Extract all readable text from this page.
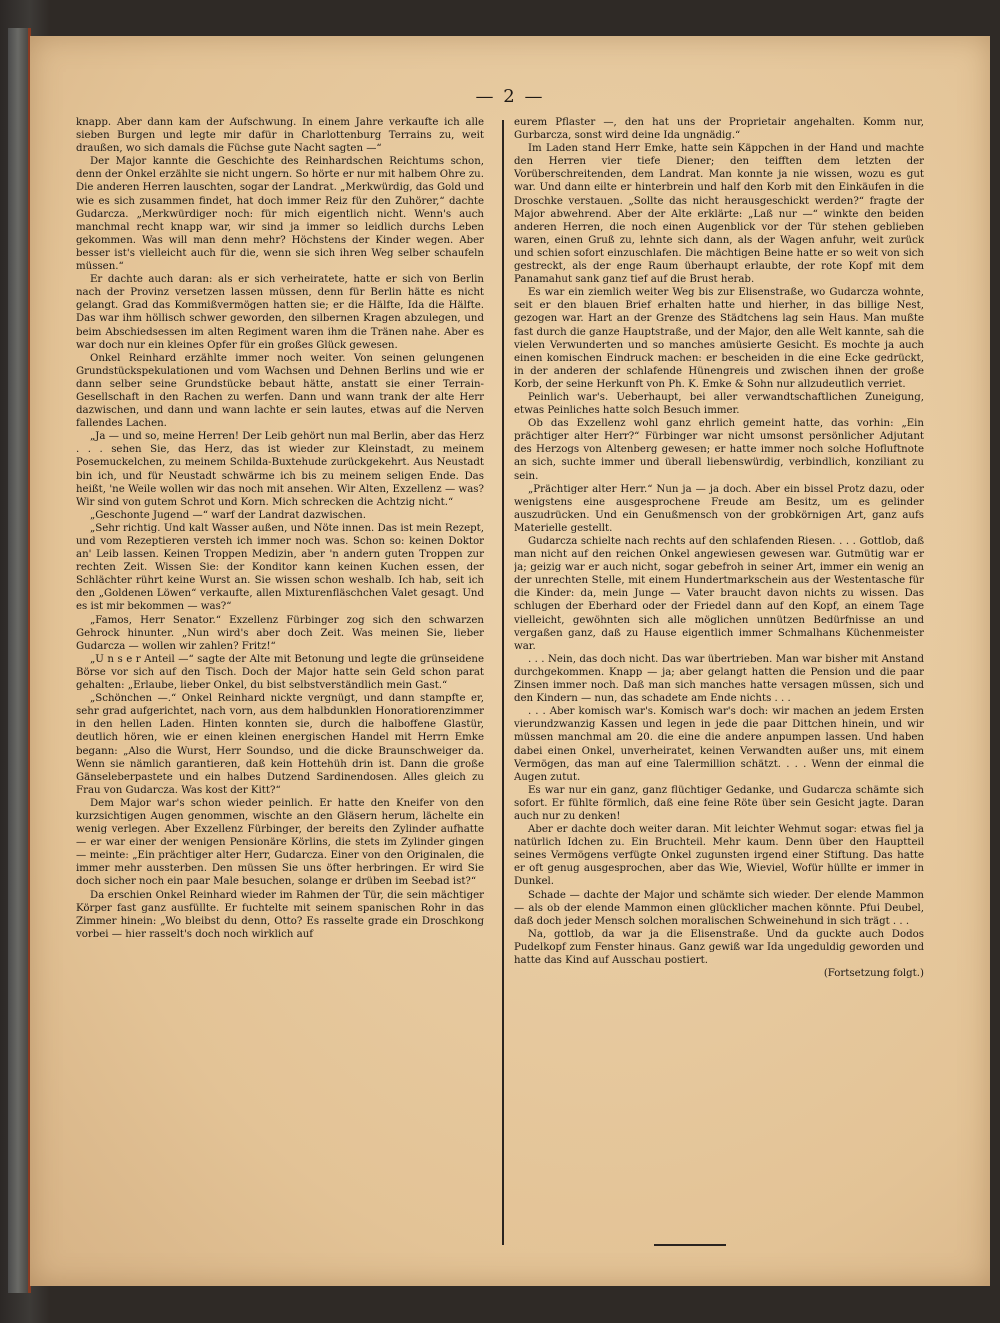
— 2 —

knapp. Aber dann kam der Aufschwung. In einem Jahre verkaufte ich alle sieben Burgen und legte mir dafür in Charlottenburg Terrains zu, weit draußen, wo sich damals die Füchse gute Nacht sagten —“

Der Major kannte die Geschichte des Reinhardschen Reichtums schon, denn der Onkel erzählte sie nicht ungern. So hörte er nur mit halbem Ohre zu. Die anderen Herren lauschten, sogar der Landrat. „Merkwürdig, das Gold und wie es sich zusammen findet, hat doch immer Reiz für den Zuhörer,“ dachte Gudarcza. „Merkwürdiger noch: für mich eigentlich nicht. Wenn's auch manchmal recht knapp war, wir sind ja immer so leidlich durchs Leben gekommen. Was will man denn mehr? Höchstens der Kinder wegen. Aber besser ist's vielleicht auch für die, wenn sie sich ihren Weg selber schaufeln müssen.“

Er dachte auch daran: als er sich verheiratete, hatte er sich von Berlin nach der Provinz versetzen lassen müssen, denn für Berlin hätte es nicht gelangt. Grad das Kommißvermögen hatten sie; er die Hälfte, Ida die Hälfte. Das war ihm höllisch schwer geworden, den silbernen Kragen abzulegen, und beim Abschiedsessen im alten Regiment waren ihm die Tränen nahe. Aber es war doch nur ein kleines Opfer für ein großes Glück gewesen.

Onkel Reinhard erzählte immer noch weiter. Von seinen gelungenen Grundstückspekulationen und vom Wachsen und Dehnen Berlins und wie er dann selber seine Grundstücke bebaut hätte, anstatt sie einer Terrain-Gesellschaft in den Rachen zu werfen. Dann und wann trank der alte Herr dazwischen, und dann und wann lachte er sein lautes, etwas auf die Nerven fallendes Lachen.

„Ja — und so, meine Herren! Der Leib gehört nun mal Berlin, aber das Herz . . . sehen Sie, das Herz, das ist wieder zur Kleinstadt, zu meinem Posemuckelchen, zu meinem Schilda-Buxtehude zurückgekehrt. Aus Neustadt bin ich, und für Neustadt schwärme ich bis zu meinem seligen Ende. Das heißt, 'ne Weile wollen wir das noch mit ansehen. Wir Alten, Exzellenz — was? Wir sind von gutem Schrot und Korn. Mich schrecken die Achtzig nicht.“

„Geschonte Jugend —“ warf der Landrat dazwischen.

„Sehr richtig. Und kalt Wasser außen, und Nöte innen. Das ist mein Rezept, und vom Rezeptieren versteh ich immer noch was. Schon so: keinen Doktor an' Leib lassen. Keinen Troppen Medizin, aber 'n andern guten Troppen zur rechten Zeit. Wissen Sie: der Konditor kann keinen Kuchen essen, der Schlächter rührt keine Wurst an. Sie wissen schon weshalb. Ich hab, seit ich den „Goldenen Löwen“ verkaufte, allen Mixturenfläschchen Valet gesagt. Und es ist mir bekommen — was?“

„Famos, Herr Senator.“ Exzellenz Fürbinger zog sich den schwarzen Gehrock hinunter. „Nun wird's aber doch Zeit. Was meinen Sie, lieber Gudarcza — wollen wir zahlen? Fritz!“

„U n s e r Anteil —“ sagte der Alte mit Betonung und legte die grünseidene Börse vor sich auf den Tisch. Doch der Major hatte sein Geld schon parat gehalten: „Erlaube, lieber Onkel, du bist selbstverständlich mein Gast.“

„Schönchen —.“ Onkel Reinhard nickte vergnügt, und dann stampfte er, sehr grad aufgerichtet, nach vorn, aus dem halbdunklen Honoratiorenzimmer in den hellen Laden. Hinten konnten sie, durch die halboffene Glastür, deutlich hören, wie er einen kleinen energischen Handel mit Herrn Emke begann: „Also die Wurst, Herr Soundso, und die dicke Braunschweiger da. Wenn sie nämlich garantieren, daß kein Hottehüh drin ist. Dann die große Gänseleberpastete und ein halbes Dutzend Sardinendosen. Alles gleich zu Frau von Gudarcza. Was kost der Kitt?“

Dem Major war's schon wieder peinlich. Er hatte den Kneifer von den kurzsichtigen Augen genommen, wischte an den Gläsern herum, lächelte ein wenig verlegen. Aber Exzellenz Fürbinger, der bereits den Zylinder aufhatte — er war einer der wenigen Pensionäre Körlins, die stets im Zylinder gingen — meinte: „Ein prächtiger alter Herr, Gudarcza. Einer von den Originalen, die immer mehr aussterben. Den müssen Sie uns öfter herbringen. Er wird Sie doch sicher noch ein paar Male besuchen, solange er drüben im Seebad ist?“

Da erschien Onkel Reinhard wieder im Rahmen der Tür, die sein mächtiger Körper fast ganz ausfüllte. Er fuchtelte mit seinem spanischen Rohr in das Zimmer hinein: „Wo bleibst du denn, Otto? Es rasselte grade ein Droschkong vorbei — hier rasselt's doch noch wirklich auf

eurem Pflaster —, den hat uns der Proprietair angehalten. Komm nur, Gurbarcza, sonst wird deine Ida ungnädig.“

Im Laden stand Herr Emke, hatte sein Käppchen in der Hand und machte den Herren vier tiefe Diener; den teifften dem letzten der Vorüberschreitenden, dem Landrat. Man konnte ja nie wissen, wozu es gut war. Und dann eilte er hinterbrein und half den Korb mit den Einkäufen in die Droschke verstauen. „Sollte das nicht herausgeschickt werden?“ fragte der Major abwehrend. Aber der Alte erklärte: „Laß nur —“ winkte den beiden anderen Herren, die noch einen Augenblick vor der Tür stehen geblieben waren, einen Gruß zu, lehnte sich dann, als der Wagen anfuhr, weit zurück und schien sofort einzuschlafen. Die mächtigen Beine hatte er so weit von sich gestreckt, als der enge Raum überhaupt erlaubte, der rote Kopf mit dem Panamahut sank ganz tief auf die Brust herab.

Es war ein ziemlich weiter Weg bis zur Elisenstraße, wo Gudarcza wohnte, seit er den blauen Brief erhalten hatte und hierher, in das billige Nest, gezogen war. Hart an der Grenze des Städtchens lag sein Haus. Man mußte fast durch die ganze Hauptstraße, und der Major, den alle Welt kannte, sah die vielen Verwunderten und so manches amüsierte Gesicht. Es mochte ja auch einen komischen Eindruck machen: er bescheiden in die eine Ecke gedrückt, in der anderen der schlafende Hünengreis und zwischen ihnen der große Korb, der seine Herkunft von Ph. K. Emke & Sohn nur allzudeutlich verriet.

Peinlich war's. Ueberhaupt, bei aller verwandtschaftlichen Zuneigung, etwas Peinliches hatte solch Besuch immer.

Ob das Exzellenz wohl ganz ehrlich gemeint hatte, das vorhin: „Ein prächtiger alter Herr?“ Fürbinger war nicht umsonst persönlicher Adjutant des Herzogs von Altenberg gewesen; er hatte immer noch solche Hofluftnote an sich, suchte immer und überall liebenswürdig, verbindlich, konziliant zu sein.

„Prächtiger alter Herr.“ Nun ja — ja doch. Aber ein bissel Protz dazu, oder wenigstens eine ausgesprochene Freude am Besitz, um es gelinder auszudrücken. Und ein Genußmensch von der grobkörnigen Art, ganz aufs Materielle gestellt.

Gudarcza schielte nach rechts auf den schlafenden Riesen. . . . Gottlob, daß man nicht auf den reichen Onkel angewiesen gewesen war. Gutmütig war er ja; geizig war er auch nicht, sogar gebefroh in seiner Art, immer ein wenig an der unrechten Stelle, mit einem Hundertmarkschein aus der Westentasche für die Kinder: da, mein Junge — Vater braucht davon nichts zu wissen. Das schlugen der Eberhard oder der Friedel dann auf den Kopf, an einem Tage vielleicht, gewöhnten sich alle möglichen unnützen Bedürfnisse an und vergaßen ganz, daß zu Hause eigentlich immer Schmalhans Küchenmeister war.

. . . Nein, das doch nicht. Das war übertrieben. Man war bisher mit Anstand durchgekommen. Knapp — ja; aber gelangt hatten die Pension und die paar Zinsen immer noch. Daß man sich manches hatte versagen müssen, sich und den Kindern — nun, das schadete am Ende nichts . . .

. . . Aber komisch war's. Komisch war's doch: wir machen an jedem Ersten vierundzwanzig Kassen und legen in jede die paar Dittchen hinein, und wir müssen manchmal am 20. die eine die andere anpumpen lassen. Und haben dabei einen Onkel, unverheiratet, keinen Verwandten außer uns, mit einem Vermögen, das man auf eine Talermillion schätzt. . . . Wenn der einmal die Augen zutut.

Es war nur ein ganz, ganz flüchtiger Gedanke, und Gudarcza schämte sich sofort. Er fühlte förmlich, daß eine feine Röte über sein Gesicht jagte. Daran auch nur zu denken!

Aber er dachte doch weiter daran. Mit leichter Wehmut sogar: etwas fiel ja natürlich Idchen zu. Ein Bruchteil. Mehr kaum. Denn über den Hauptteil seines Vermögens verfügte Onkel zugunsten irgend einer Stiftung. Das hatte er oft genug ausgesprochen, aber das Wie, Wieviel, Wofür hüllte er immer in Dunkel.

Schade — dachte der Major und schämte sich wieder. Der elende Mammon — als ob der elende Mammon einen glücklicher machen könnte. Pfui Deubel, daß doch jeder Mensch solchen moralischen Schweinehund in sich trägt . . .

Na, gottlob, da war ja die Elisenstraße. Und da guckte auch Dodos Pudelkopf zum Fenster hinaus. Ganz gewiß war Ida ungeduldig geworden und hatte das Kind auf Ausschau postiert.

(Fortsetzung folgt.)
